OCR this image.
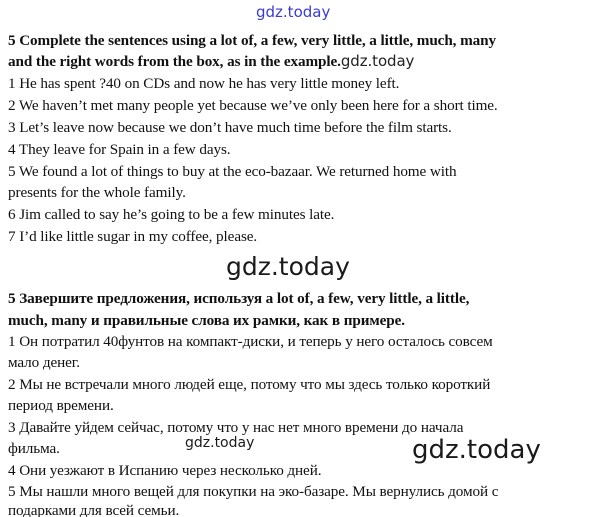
gdz.today
5 Complete the sentences using a lot of, a few, very little, a little, much, many
and the right words from the box, as in the example.gdz.today
1 He has spent ?40 on CDs and now he has very little money left.
2 We haven’t met many people yet because we’ve only been here for a short time.
3 Let’s leave now because we don’t have much time before the film starts.
4 They leave for Spain in a few days.
5 We found a lot of things to buy at the eco-bazaar. We returned home with
presents for the whole family.
6 Jim called to say he’s going to be a few minutes late.
7 I’d like little sugar in my coffee, please.
gdz.today
5 Завершите предложения, используя a lot of, a few, very little, a little,
much, many и правильные слова их рамки, как в примере.
1 Он потратил 40фунтов на компакт-диски, и теперь у него осталось совсем
мало денег.
2 Мы не встречали много людей еще, потому что мы здесь только короткий
период времени.
3 Давайте уйдем сейчас, потому что у нас нет много времени до начала
фильма.
4 Они уезжают в Испанию через несколько дней.
5 Мы нашли много вещей для покупки на эко-базаре. Мы вернулись домой с
подарками для всей семьи.
gdz.today	gdz.today
